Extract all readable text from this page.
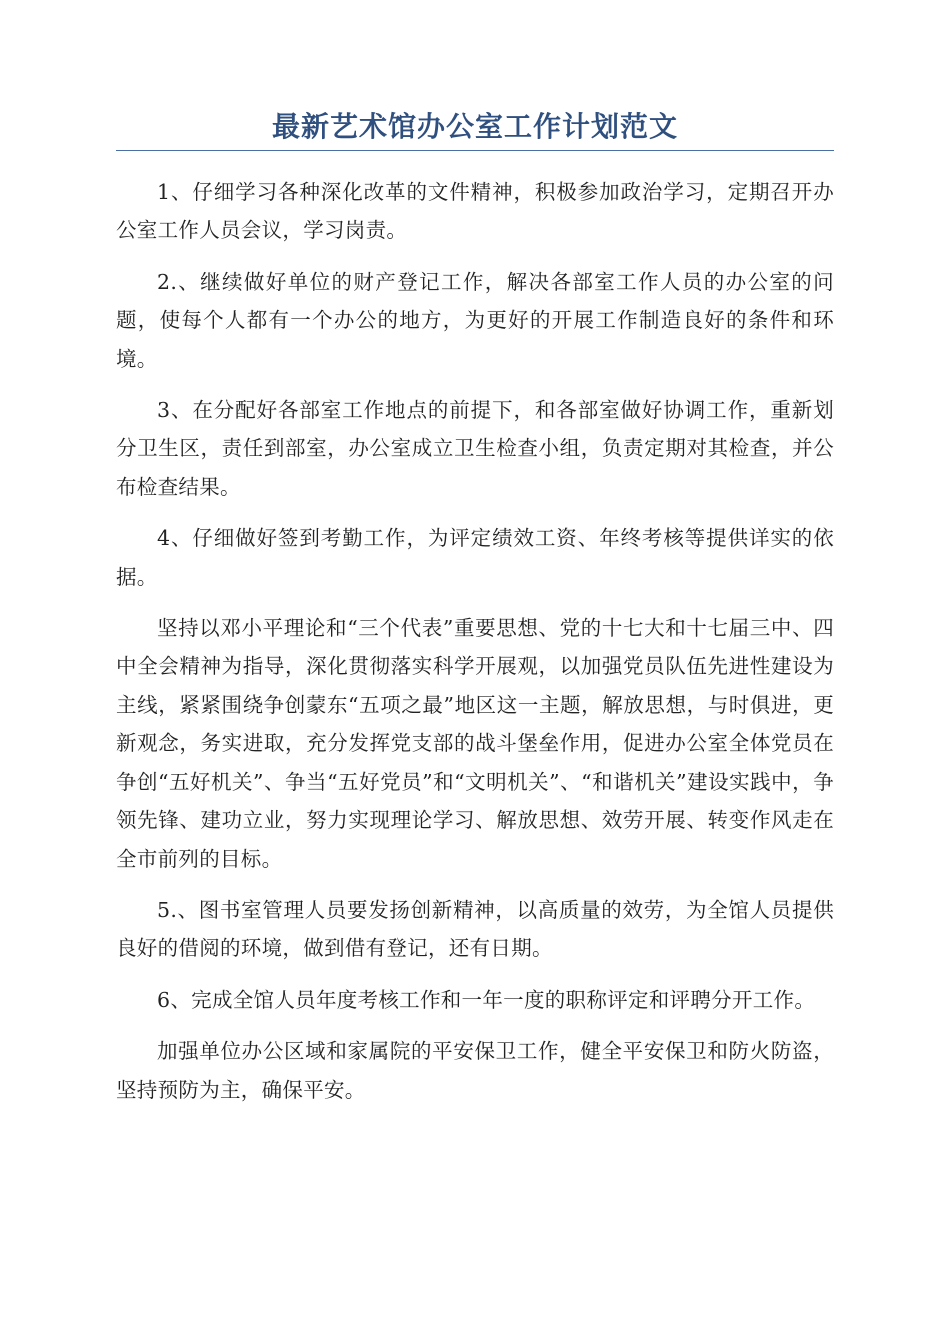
最新艺术馆办公室工作计划范文

1、仔细学习各种深化改革的文件精神，积极参加政治学习，定期召开办公室工作人员会议，学习岗责。

2.、继续做好单位的财产登记工作，解决各部室工作人员的办公室的问题，使每个人都有一个办公的地方，为更好的开展工作制造良好的条件和环境。

3、在分配好各部室工作地点的前提下，和各部室做好协调工作，重新划分卫生区，责任到部室，办公室成立卫生检查小组，负责定期对其检查，并公布检查结果。

4、仔细做好签到考勤工作，为评定绩效工资、年终考核等提供详实的依据。

坚持以邓小平理论和“三个代表”重要思想、党的十七大和十七届三中、四中全会精神为指导，深化贯彻落实科学开展观，以加强党员队伍先进性建设为主线，紧紧围绕争创蒙东“五项之最”地区这一主题，解放思想，与时俱进，更新观念，务实进取，充分发挥党支部的战斗堡垒作用，促进办公室全体党员在争创“五好机关”、争当“五好党员”和“文明机关”、“和谐机关”建设实践中，争领先锋、建功立业，努力实现理论学习、解放思想、效劳开展、转变作风走在全市前列的目标。

5.、图书室管理人员要发扬创新精神，以高质量的效劳，为全馆人员提供良好的借阅的环境，做到借有登记，还有日期。

6、完成全馆人员年度考核工作和一年一度的职称评定和评聘分开工作。

加强单位办公区域和家属院的平安保卫工作，健全平安保卫和防火防盗，坚持预防为主，确保平安。
